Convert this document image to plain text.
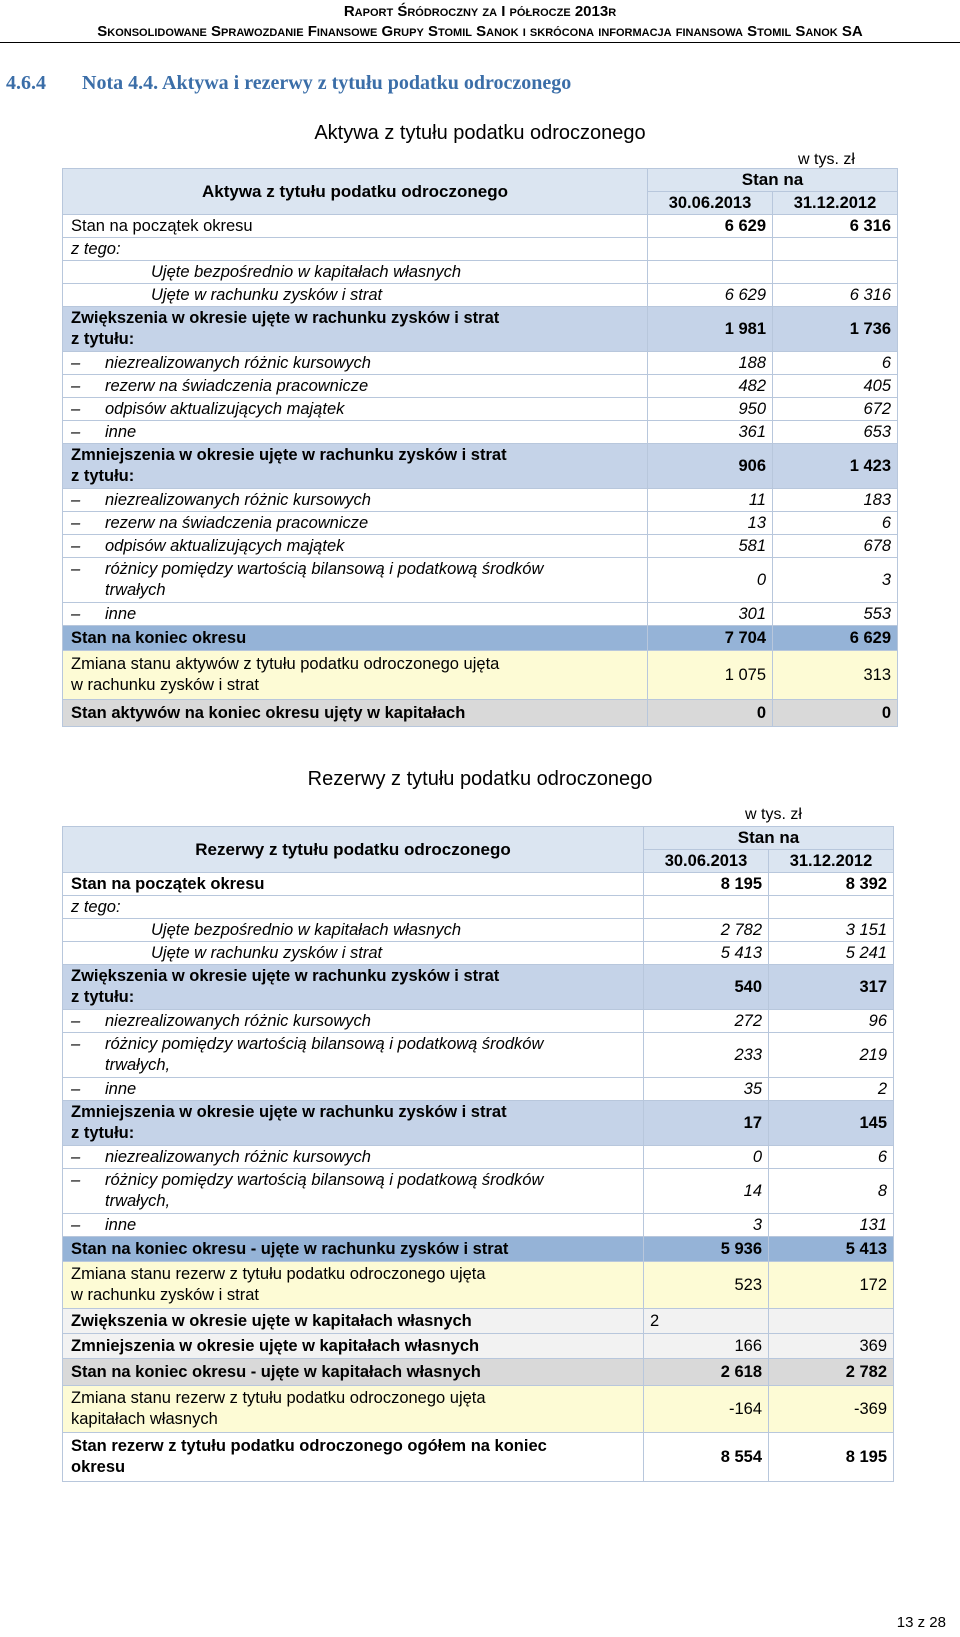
Raport Śródroczny za I półrocze 2013r
Skonsolidowane Sprawozdanie Finansowe Grupy Stomil Sanok i skrócona informacja finansowa Stomil Sanok SA
4.6.4 Nota 4.4. Aktywa i rezerwy z tytułu podatku odroczonego
Aktywa z tytułu podatku odroczonego
w tys. zł
Aktywa z tytułu podatku odroczonego	Stan na	
	30.06.2013	31.12.2012
Stan na początek okresu	6 629	6 316
z tego:		
Ujęte bezpośrednio w kapitałach własnych		
Ujęte w rachunku zysków i strat	6 629	6 316
Zwiększenia w okresie ujęte w rachunku zysków i strat
z tytułu:	1 981	1 736
– niezrealizowanych różnic kursowych	188	6
– rezerw na świadczenia pracownicze	482	405
– odpisów aktualizujących majątek	950	672
– inne	361	653
Zmniejszenia w okresie ujęte w rachunku zysków i strat
z tytułu:	906	1 423
– niezrealizowanych różnic kursowych	11	183
– rezerw na świadczenia pracownicze	13	6
– odpisów aktualizujących majątek	581	678
– różnicy pomiędzy wartością bilansową i podatkową środków
trwałych	0	3
– inne	301	553
Stan na koniec okresu	7 704	6 629
Zmiana stanu aktywów z tytułu podatku odroczonego ujęta
w rachunku zysków i strat	1 075	313
Stan aktywów na koniec okresu ujęty w kapitałach	0	0
Rezerwy z tytułu podatku odroczonego
w tys. zł
Rezerwy z tytułu podatku odroczonego	Stan na	
	30.06.2013	31.12.2012
Stan na początek okresu	8 195	8 392
z tego:		
Ujęte bezpośrednio w kapitałach własnych	2 782	3 151
Ujęte w rachunku zysków i strat	5 413	5 241
Zwiększenia w okresie ujęte w rachunku zysków i strat
z tytułu:	540	317
– niezrealizowanych różnic kursowych	272	96
– różnicy pomiędzy wartością bilansową i podatkową środków
trwałych,	233	219
– inne	35	2
Zmniejszenia w okresie ujęte w rachunku zysków i strat
z tytułu:	17	145
– niezrealizowanych różnic kursowych	0	6
– różnicy pomiędzy wartością bilansową i podatkową środków
trwałych,	14	8
– inne	3	131
Stan na koniec okresu - ujęte w rachunku zysków i strat	5 936	5 413
Zmiana stanu rezerw z tytułu podatku odroczonego ujęta
w rachunku zysków i strat	523	172
Zwiększenia w okresie ujęte w kapitałach własnych	2	
Zmniejszenia w okresie ujęte w kapitałach własnych	166	369
Stan na koniec okresu - ujęte w kapitałach własnych	2 618	2 782
Zmiana stanu rezerw z tytułu podatku odroczonego ujęta
kapitałach własnych	-164	-369
Stan rezerw z tytułu podatku odroczonego ogółem na koniec
okresu	8 554	8 195
13 z 28
